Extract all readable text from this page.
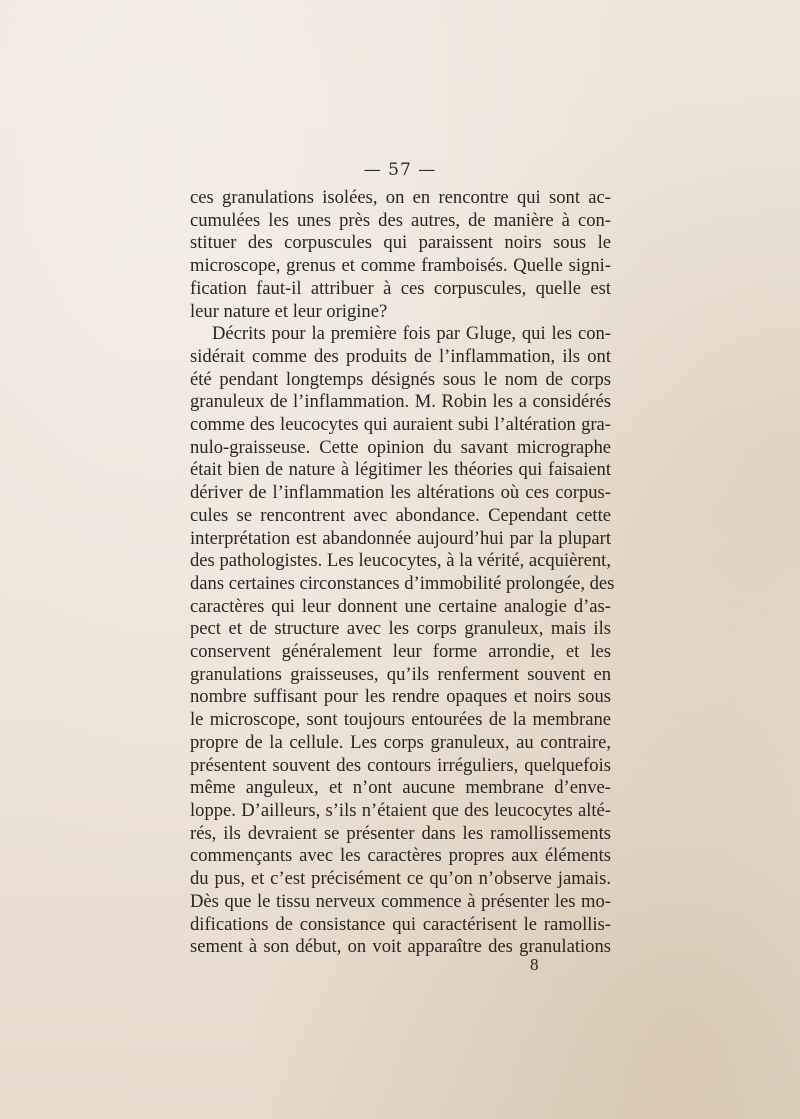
— 57 —
ces granulations isolées, on en rencontre qui sont ac-
cumulées les unes près des autres, de manière à con-
stituer des corpuscules qui paraissent noirs sous le
microscope, grenus et comme framboisés. Quelle signi-
fication faut-il attribuer à ces corpuscules, quelle est
leur nature et leur origine?
Décrits pour la première fois par Gluge, qui les con-
sidérait comme des produits de l’inflammation, ils ont
été pendant longtemps désignés sous le nom de corps
granuleux de l’inflammation. M. Robin les a considérés
comme des leucocytes qui auraient subi l’altération gra-
nulo-graisseuse. Cette opinion du savant micrographe
était bien de nature à légitimer les théories qui faisaient
dériver de l’inflammation les altérations où ces corpus-
cules se rencontrent avec abondance. Cependant cette
interprétation est abandonnée aujourd’hui par la plupart
des pathologistes. Les leucocytes, à la vérité, acquièrent,
dans certaines circonstances d’immobilité prolongée, des
caractères qui leur donnent une certaine analogie d’as-
pect et de structure avec les corps granuleux, mais ils
conservent généralement leur forme arrondie, et les
granulations graisseuses, qu’ils renferment souvent en
nombre suffisant pour les rendre opaques et noirs sous
le microscope, sont toujours entourées de la membrane
propre de la cellule. Les corps granuleux, au contraire,
présentent souvent des contours irréguliers, quelquefois
même anguleux, et n’ont aucune membrane d’enve-
loppe. D’ailleurs, s’ils n’étaient que des leucocytes alté-
rés, ils devraient se présenter dans les ramollissements
commençants avec les caractères propres aux éléments
du pus, et c’est précisément ce qu’on n’observe jamais.
Dès que le tissu nerveux commence à présenter les mo-
difications de consistance qui caractérisent le ramollis-
sement à son début, on voit apparaître des granulations
8
